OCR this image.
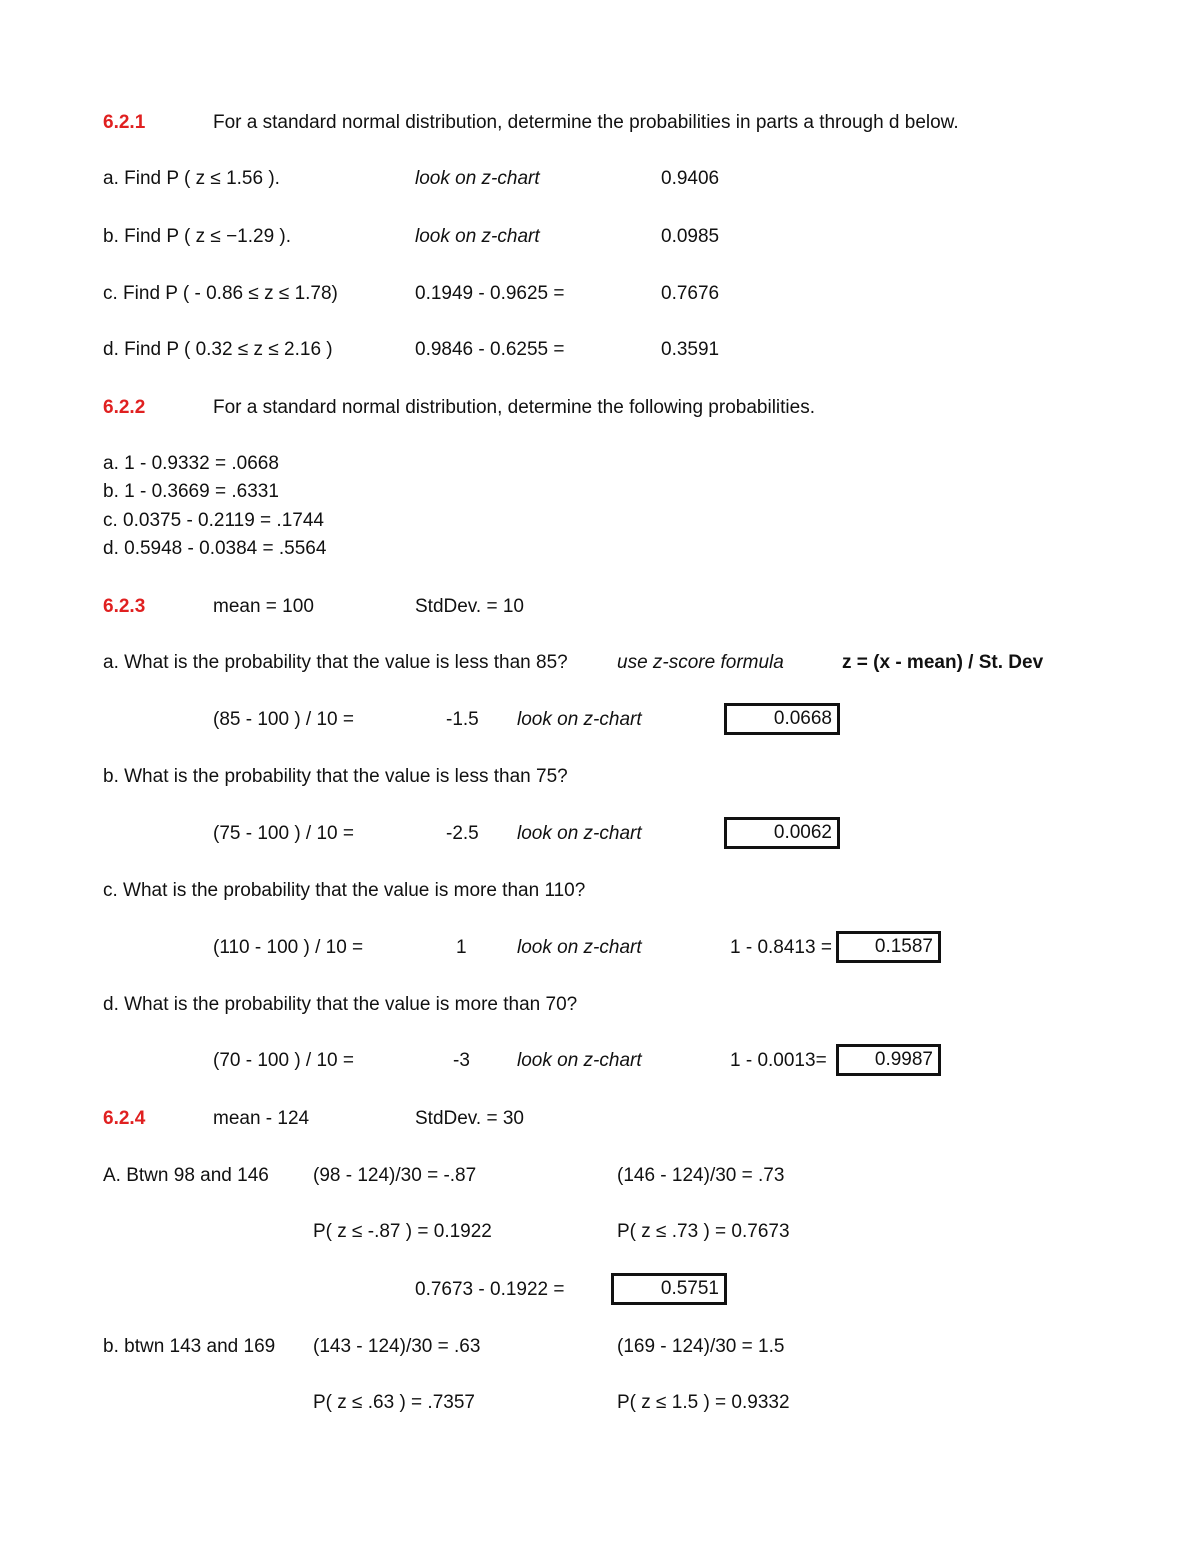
6.2.1	For a standard normal distribution, determine the probabilities in parts a through d below.
a. Find P ( z ≤ 1.56 ).	look on z-chart	0.9406
b. Find P ( z ≤ −1.29 ).	look on z-chart	0.0985
c. Find P ( - 0.86 ≤ z ≤ 1.78)	0.1949 - 0.9625 =	0.7676
d. Find P ( 0.32 ≤ z ≤ 2.16 )	0.9846 - 0.6255 =	0.3591
6.2.2	For a standard normal distribution, determine the following probabilities.
a. 1 - 0.9332 = .0668
b. 1 - 0.3669 = .6331
c. 0.0375 - 0.2119 = .1744
d. 0.5948 - 0.0384 = .5564
6.2.3	mean = 100	StdDev. = 10
a. What is the probability that the value is less than 85?	use z-score formula	z = (x - mean) / St. Dev
(85 - 100 ) / 10 =	-1.5 look on z-chart	0.0668
b. What is the probability that the value is less than 75?
(75 - 100 ) / 10 =	-2.5 look on z-chart	0.0062
c. What is the probability that the value is more than 110?
(110 - 100 ) / 10 =	1	look on z-chart	1 - 0.8413 =	0.1587
d. What is the probability that the value is more than 70?
(70 - 100 ) / 10 =	-3 look on z-chart	1 - 0.0013=	0.9987
6.2.4	mean - 124	StdDev. = 30
A. Btwn 98 and 146 (98 - 124)/30 = -.87	(146 - 124)/30 = .73
P( z ≤ -.87 ) = 0.1922	P( z ≤ .73 ) = 0.7673
0.7673 - 0.1922 =	0.5751
b. btwn 143 and 169 (143 - 124)/30 = .63	(169 - 124)/30 = 1.5
P( z ≤ .63 ) = .7357	P( z ≤ 1.5 ) = 0.9332
